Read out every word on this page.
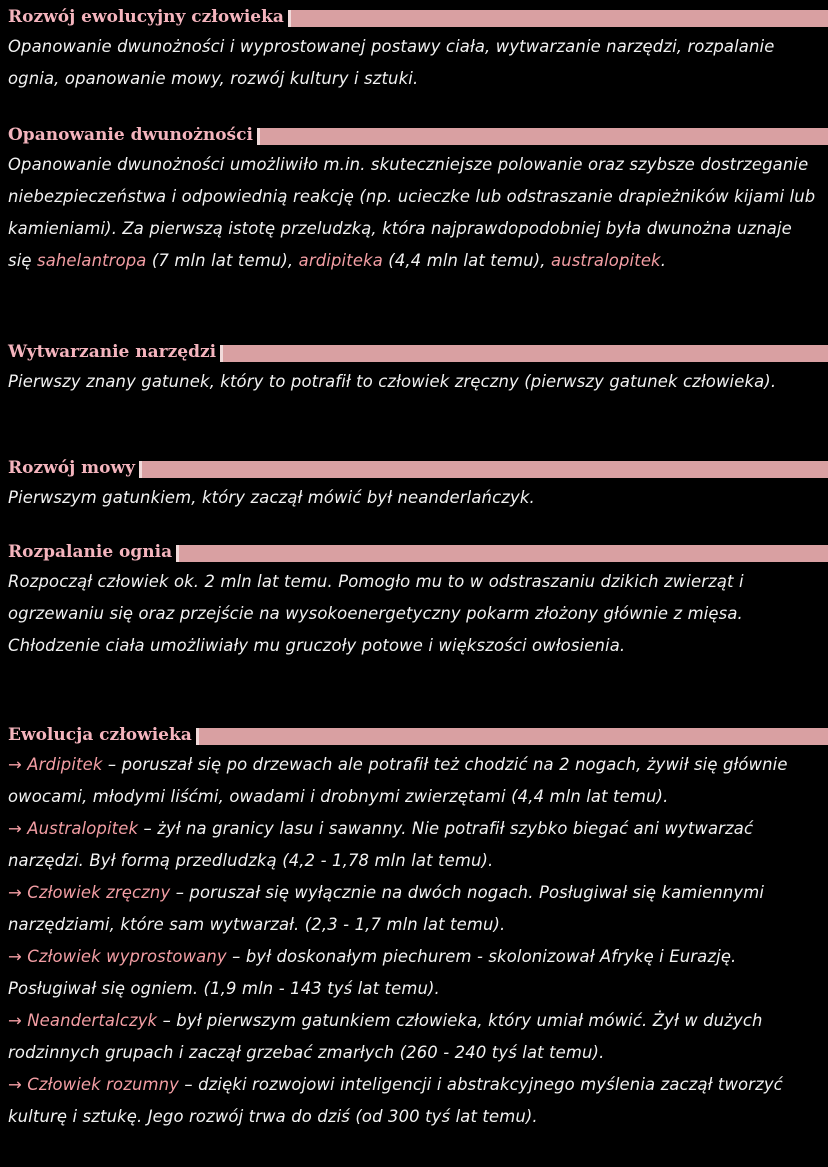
Rozwój ewolucyjny człowieka
Opanowanie dwunożności i wyprostowanej postawy ciała, wytwarzanie narzędzi, rozpalanie ognia, opanowanie mowy, rozwój kultury i sztuki.
Opanowanie dwunożności
Opanowanie dwunożności umożliwiło m.in. skuteczniejsze polowanie oraz szybsze dostrzeganie niebezpieczeństwa i odpowiednią reakcję (np. ucieczke lub odstraszanie drapieżników kijami lub kamieniami). Za pierwszą istotę przeludzką, która najprawdopodobniej była dwunożna uznaje się sahelantropa (7 mln lat temu), ardipiteka (4,4 mln lat temu), australopitek.
Wytwarzanie narzędzi
Pierwszy znany gatunek, który to potrafił to człowiek zręczny (pierwszy gatunek człowieka).
Rozwój mowy
Pierwszym gatunkiem, który zaczął mówić był neanderlańczyk.
Rozpalanie ognia
Rozpoczął człowiek ok. 2 mln lat temu. Pomogło mu to w odstraszaniu dzikich zwierząt i ogrzewaniu się oraz przejście na wysokoenergetyczny pokarm złożony głównie z mięsa. Chłodzenie ciała umożliwiały mu gruczoły potowe i większości owłosienia.
Ewolucja człowieka
→ Ardipitek – poruszał się po drzewach ale potrafił też chodzić na 2 nogach, żywił się głównie owocami, młodymi liśćmi, owadami i drobnymi zwierzętami (4,4 mln lat temu).
→ Australopitek – żył na granicy lasu i sawanny. Nie potrafił szybko biegać ani wytwarzać narzędzi. Był formą przedludzką (4,2 - 1,78 mln lat temu).
→ Człowiek zręczny – poruszał się wyłącznie na dwóch nogach. Posługiwał się kamiennymi narzędziami, które sam wytwarzał. (2,3 - 1,7 mln lat temu).
→ Człowiek wyprostowany – był doskonałym piechurem - skolonizował Afrykę i Eurazję. Posługiwał się ogniem. (1,9 mln - 143 tyś lat temu).
→ Neandertalczyk – był pierwszym gatunkiem człowieka, który umiał mówić. Żył w dużych rodzinnych grupach i zaczął grzebać zmarłych (260 - 240 tyś lat temu).
→ Człowiek rozumny – dzięki rozwojowi inteligencji i abstrakcyjnego myślenia zaczął tworzyć kulturę i sztukę. Jego rozwój trwa do dziś (od 300 tyś lat temu).
